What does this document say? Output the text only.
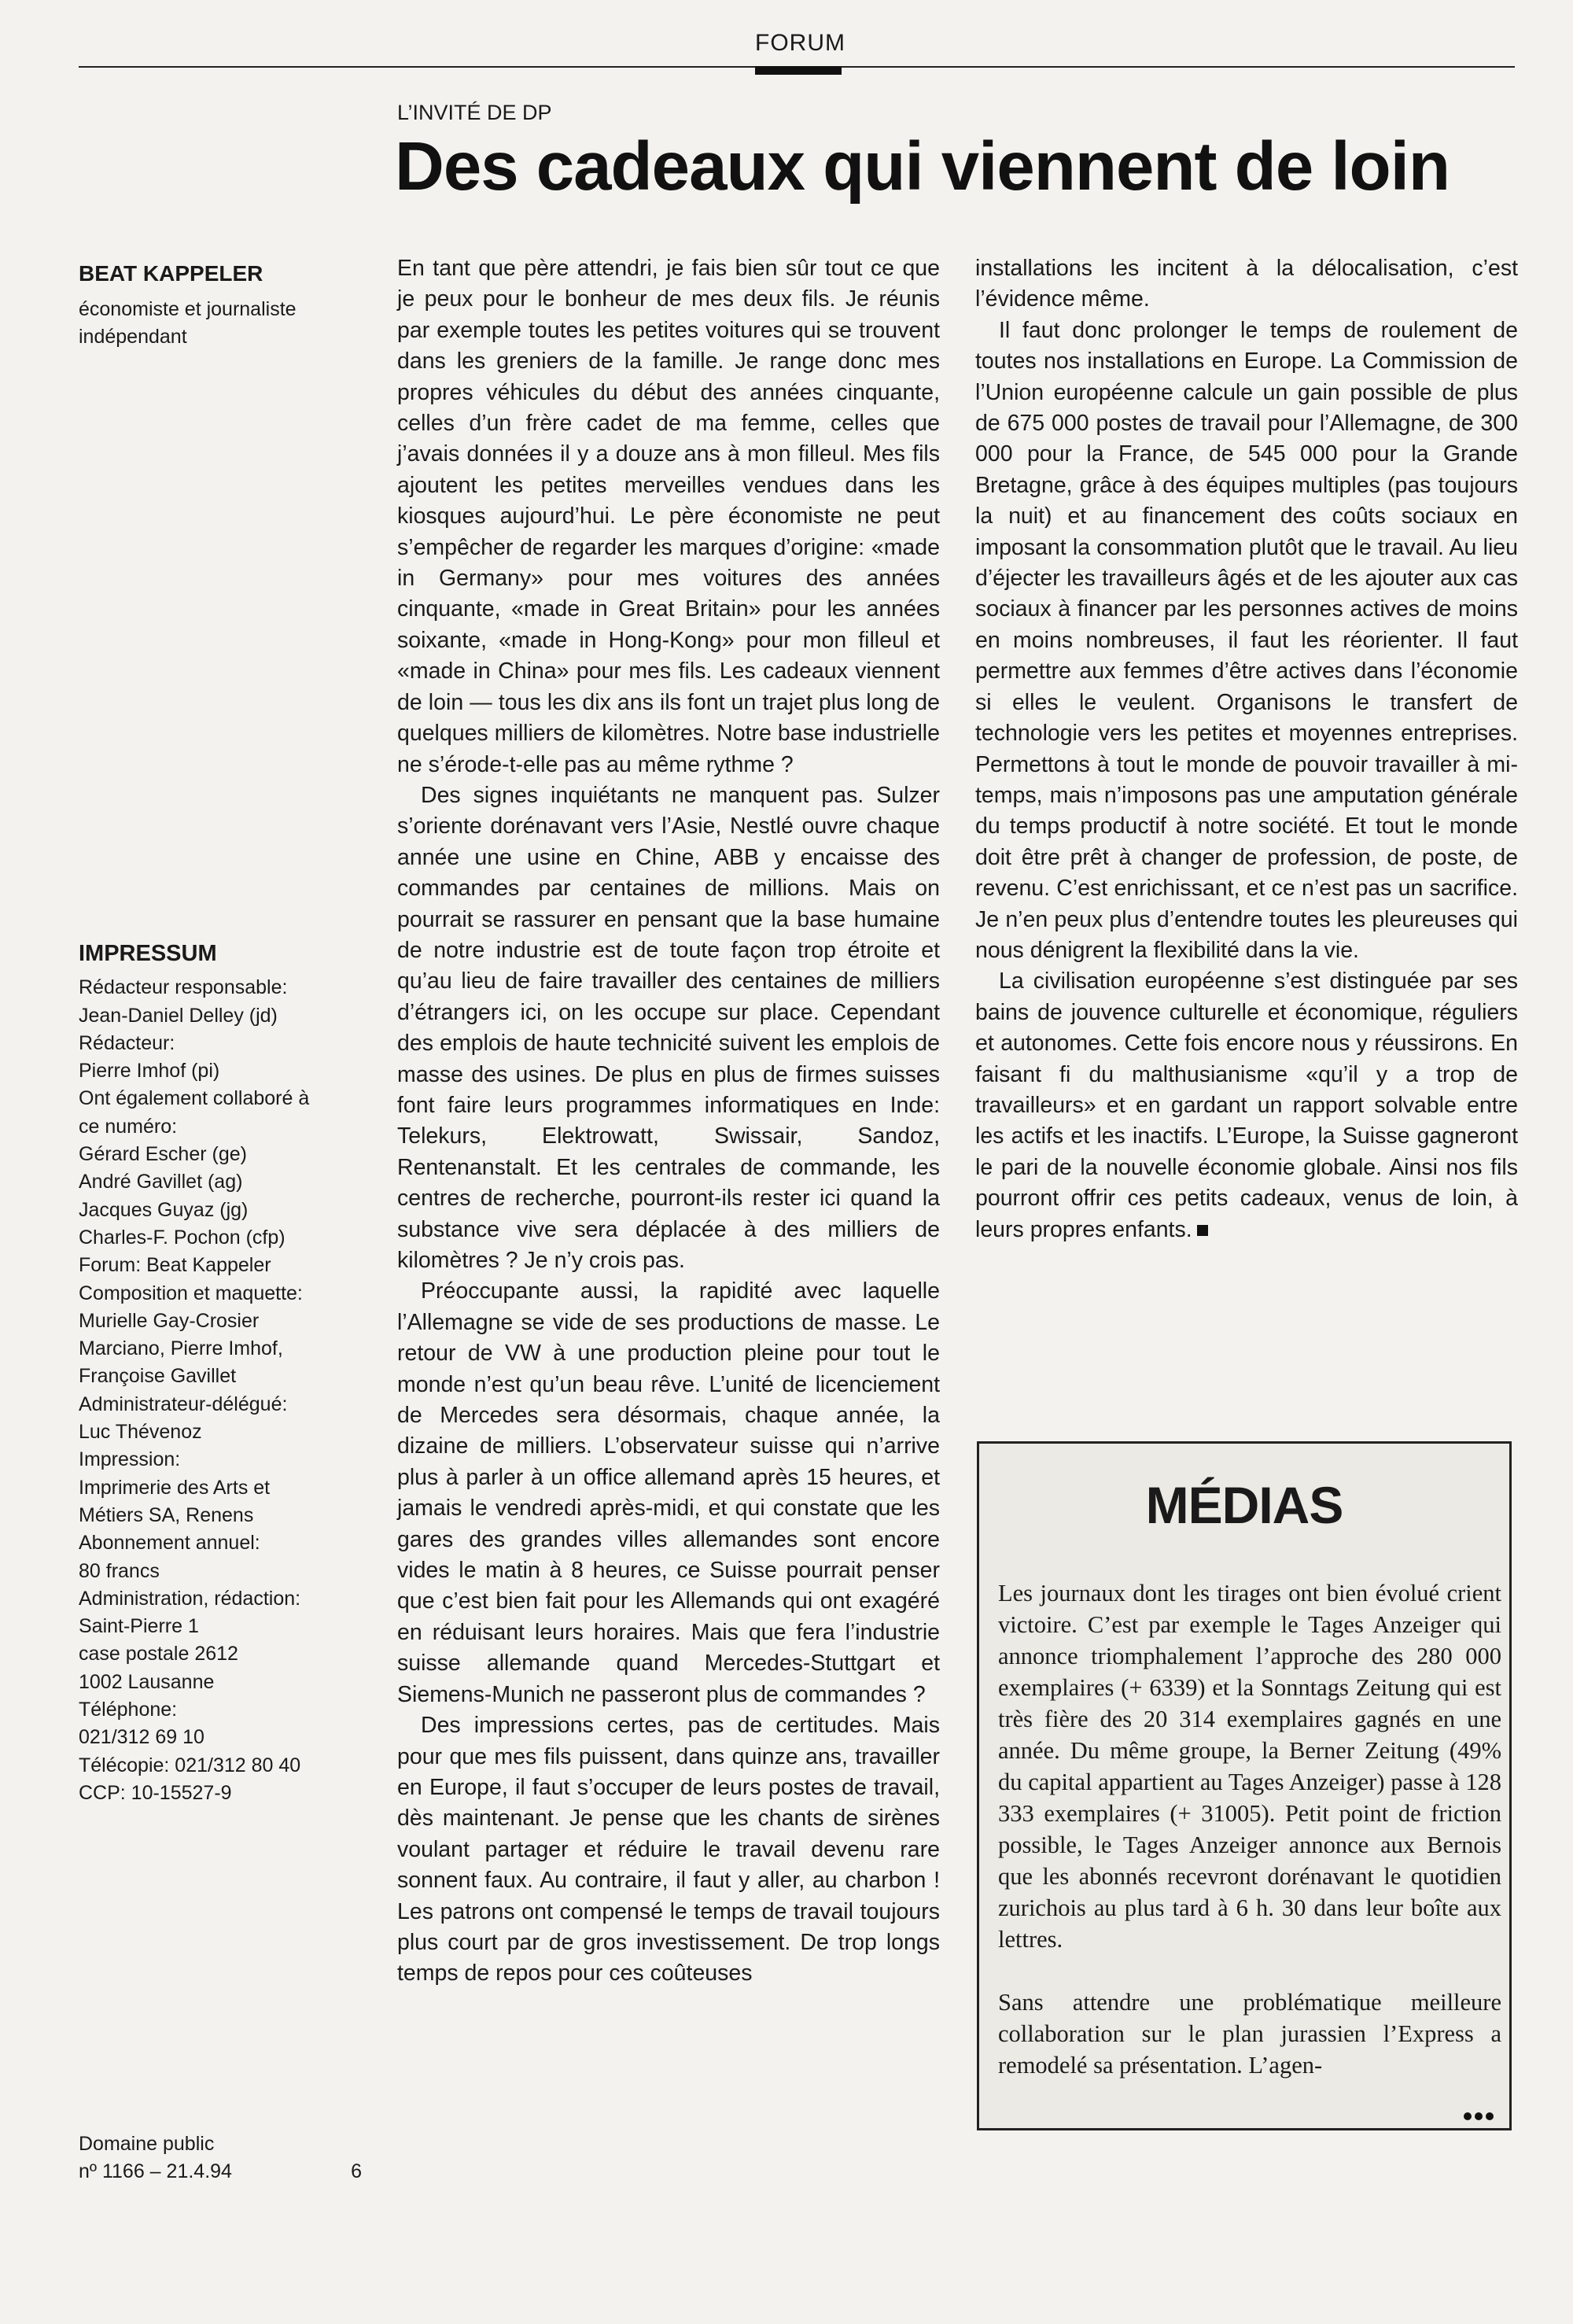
FORUM
L’INVITÉ DE DP
Des cadeaux qui viennent de loin
BEAT KAPPELER

économiste et journaliste indépendant

IMPRESSUM
Rédacteur responsable:
Jean-Daniel Delley (jd)
Rédacteur:
Pierre Imhof (pi)
Ont également collaboré à
ce numéro:
Gérard Escher (ge)
André Gavillet (ag)
Jacques Guyaz (jg)
Charles-F. Pochon (cfp)
Forum: Beat Kappeler
Composition et maquette:
Murielle Gay-Crosier
Marciano, Pierre Imhof,
Françoise Gavillet
Administrateur-délégué:
Luc Thévenoz
Impression:
Imprimerie des Arts et
Métiers SA, Renens
Abonnement annuel:
80 francs
Administration, rédaction:
Saint-Pierre 1
case postale 2612
1002 Lausanne
Téléphone:
021/312 69 10
Télécopie: 021/312 80 40
CCP: 10-15527-9
Domaine public
nº 1166 – 21.4.94	6

En tant que père attendri, je fais bien sûr tout ce que je peux pour le bonheur de mes deux fils. Je réunis par exemple toutes les petites voitures qui se trouvent dans les greniers de la famille. Je range donc mes propres véhicules du début des années cinquante, celles d’un frère cadet de ma femme, celles que j’avais données il y a douze ans à mon filleul. Mes fils ajoutent les petites merveilles vendues dans les kiosques aujourd’hui. Le père économiste ne peut s’empêcher de regarder les marques d’origine: «made in Germany» pour mes voitures des années cinquante, «made in Great Britain» pour les années soixante, «made in Hong-Kong» pour mon filleul et «made in China» pour mes fils. Les cadeaux viennent de loin — tous les dix ans ils font un trajet plus long de quelques milliers de kilomètres. Notre base industrielle ne s’érode-t-elle pas au même rythme ?

Des signes inquiétants ne manquent pas. Sulzer s’oriente dorénavant vers l’Asie, Nestlé ouvre chaque année une usine en Chine, ABB y encaisse des commandes par centaines de millions. Mais on pourrait se rassurer en pensant que la base humaine de notre industrie est de toute façon trop étroite et qu’au lieu de faire travailler des centaines de milliers d’étrangers ici, on les occupe sur place. Cependant des emplois de haute technicité suivent les emplois de masse des usines. De plus en plus de firmes suisses font faire leurs programmes informatiques en Inde: Telekurs, Elektrowatt, Swissair, Sandoz, Rentenanstalt. Et les centrales de commande, les centres de recherche, pourront-ils rester ici quand la substance vive sera déplacée à des milliers de kilomètres ? Je n’y crois pas.

Préoccupante aussi, la rapidité avec laquelle l’Allemagne se vide de ses productions de masse. Le retour de VW à une production pleine pour tout le monde n’est qu’un beau rêve. L’unité de licenciement de Mercedes sera désormais, chaque année, la dizaine de milliers. L’observateur suisse qui n’arrive plus à parler à un office allemand après 15 heures, et jamais le vendredi après-midi, et qui constate que les gares des grandes villes allemandes sont encore vides le matin à 8 heures, ce Suisse pourrait penser que c’est bien fait pour les Allemands qui ont exagéré en réduisant leurs horaires. Mais que fera l’industrie suisse allemande quand Mercedes-Stuttgart et Siemens-Munich ne passeront plus de commandes ?

Des impressions certes, pas de certitudes. Mais pour que mes fils puissent, dans quinze ans, travailler en Europe, il faut s’occuper de leurs postes de travail, dès maintenant. Je pense que les chants de sirènes voulant partager et réduire le travail devenu rare sonnent faux. Au contraire, il faut y aller, au charbon ! Les patrons ont compensé le temps de travail toujours plus court par de gros investissement. De trop longs temps de repos pour ces coûteuses

installations les incitent à la délocalisation, c’est l’évidence même.

Il faut donc prolonger le temps de roulement de toutes nos installations en Europe. La Commission de l’Union européenne calcule un gain possible de plus de 675 000 postes de travail pour l’Allemagne, de 300 000 pour la France, de 545 000 pour la Grande Bretagne, grâce à des équipes multiples (pas toujours la nuit) et au financement des coûts sociaux en imposant la consommation plutôt que le travail. Au lieu d’éjecter les travailleurs âgés et de les ajouter aux cas sociaux à financer par les personnes actives de moins en moins nombreuses, il faut les réorienter. Il faut permettre aux femmes d’être actives dans l’économie si elles le veulent. Organisons le transfert de technologie vers les petites et moyennes entreprises. Permettons à tout le monde de pouvoir travailler à mi-temps, mais n’imposons pas une amputation générale du temps productif à notre société. Et tout le monde doit être prêt à changer de profession, de poste, de revenu. C’est enrichissant, et ce n’est pas un sacrifice. Je n’en peux plus d’entendre toutes les pleureuses qui nous dénigrent la flexibilité dans la vie.

La civilisation européenne s’est distinguée par ses bains de jouvence culturelle et économique, réguliers et autonomes. Cette fois encore nous y réussirons. En faisant fi du malthusianisme «qu’il y a trop de travailleurs» et en gardant un rapport solvable entre les actifs et les inactifs. L’Europe, la Suisse gagneront le pari de la nouvelle économie globale. Ainsi nos fils pourront offrir ces petits cadeaux, venus de loin, à leurs propres enfants.

MÉDIAS

Les journaux dont les tirages ont bien évolué crient victoire. C’est par exemple le Tages Anzeiger qui annonce triomphalement l’approche des 280 000 exemplaires (+ 6339) et la Sonntags Zeitung qui est très fière des 20 314 exemplaires gagnés en une année. Du même groupe, la Berner Zeitung (49% du capital appartient au Tages Anzeiger) passe à 128 333 exemplaires (+ 31005). Petit point de friction possible, le Tages Anzeiger annonce aux Bernois que les abonnés recevront dorénavant le quotidien zurichois au plus tard à 6 h. 30 dans leur boîte aux lettres.

Sans attendre une problématique meilleure collaboration sur le plan jurassien l’Express a remodelé sa présentation. L’agen-
